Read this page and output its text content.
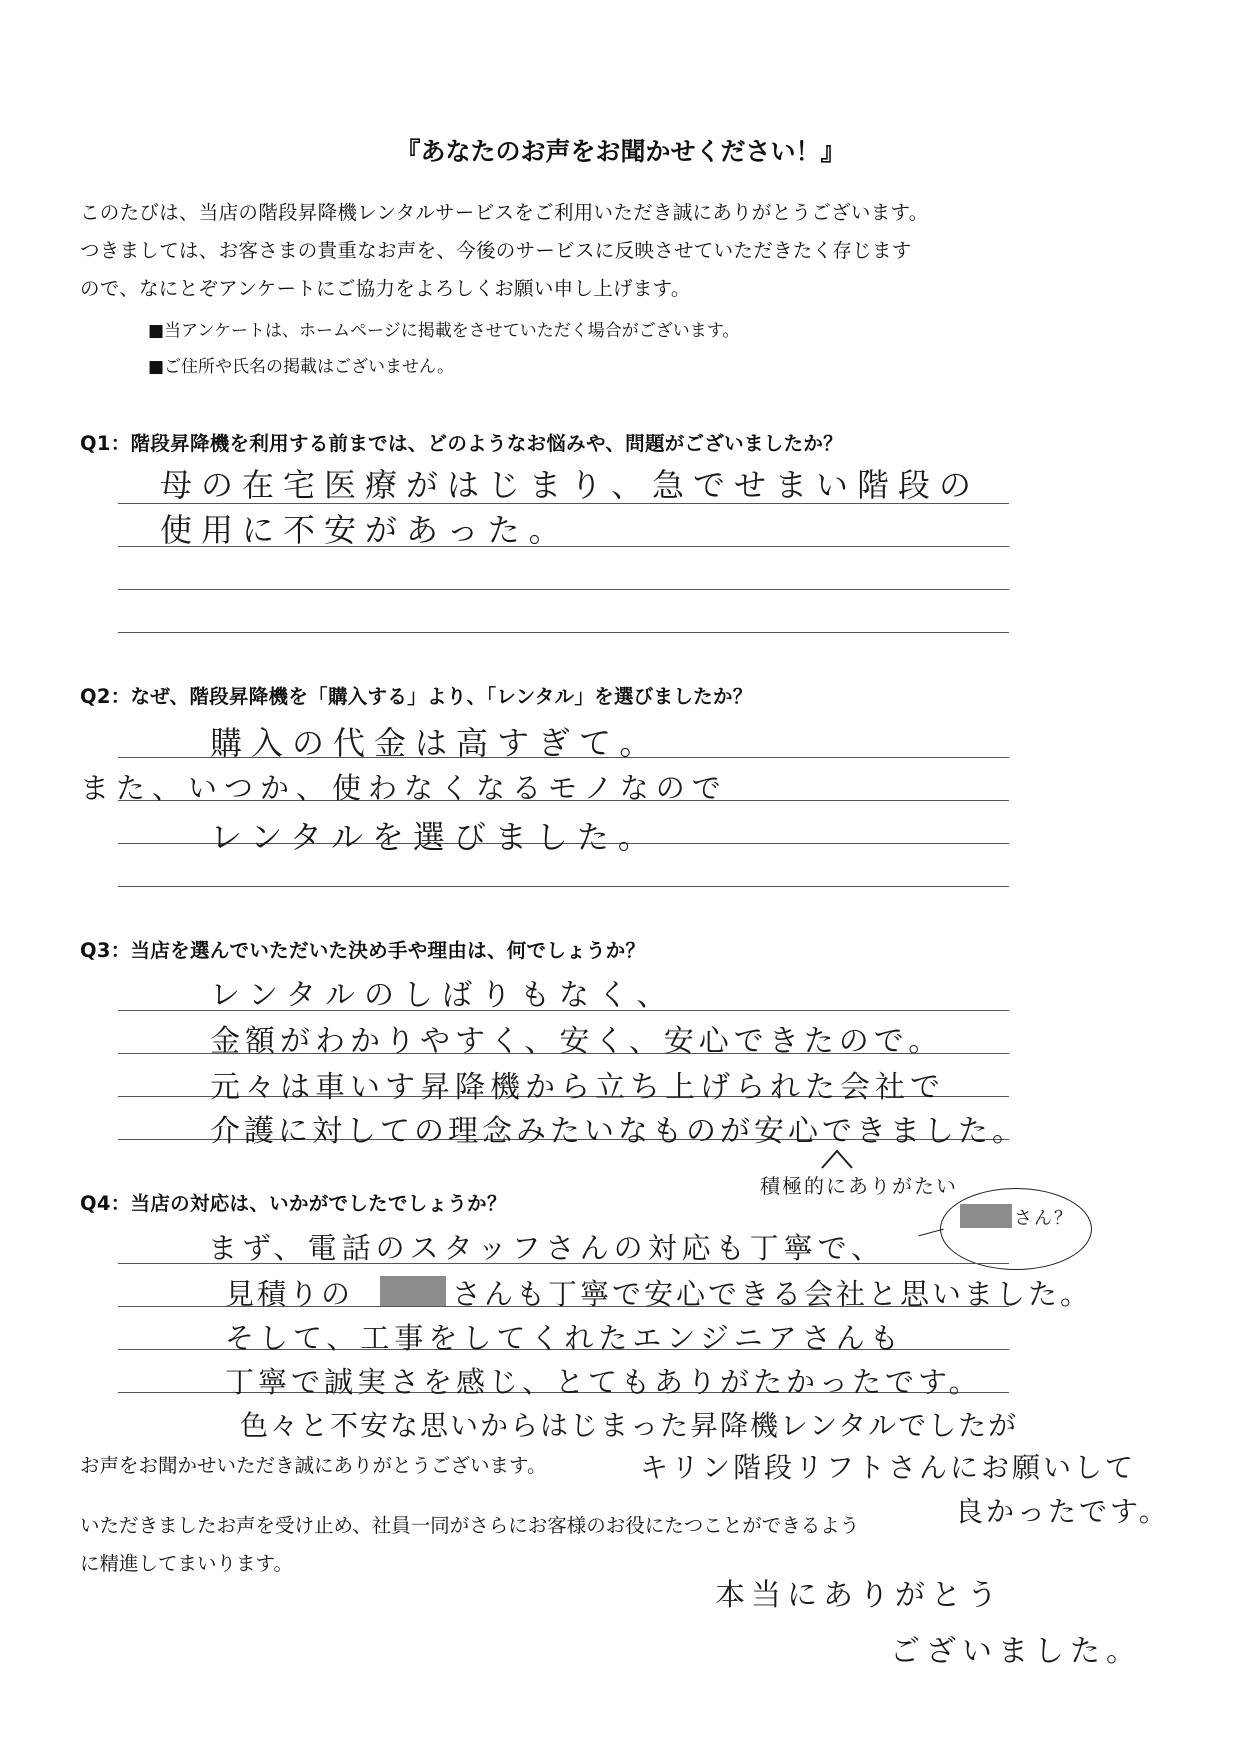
『あなたのお声をお聞かせください！』
このたびは、当店の階段昇降機レンタルサービスをご利用いただき誠にありがとうございます。
つきましては、お客さまの貴重なお声を、今後のサービスに反映させていただきたく存じます
ので、なにとぞアンケートにご協力をよろしくお願い申し上げます。
■当アンケートは、ホームページに掲載をさせていただく場合がございます。
■ご住所や氏名の掲載はございません。
Q1：階段昇降機を利用する前までは、どのようなお悩みや、問題がございましたか？
母の在宅医療がはじまり、急でせまい階段の
使用に不安があった。
Q2：なぜ、階段昇降機を「購入する」より、「レンタル」を選びましたか？
購入の代金は高すぎて。
また、いつか、使わなくなるモノなので
レンタルを選びました。
Q3：当店を選んでいただいた決め手や理由は、何でしょうか？
レンタルのしばりもなく、
金額がわかりやすく、安く、安心できたので。
元々は車いす昇降機から立ち上げられた会社で
介護に対しての理念みたいなものが安心できました。
Q4：当店の対応は、いかがでしたでしょうか？
積極的にありがたい
さん？
まず、電話のスタッフさんの対応も丁寧で、
見積りの	さんも丁寧で安心できる会社と思いました。
そして、工事をしてくれたエンジニアさんも
丁寧で誠実さを感じ、とてもありがたかったです。
色々と不安な思いからはじまった昇降機レンタルでしたが
キリン階段リフトさんにお願いして
良かったです。
お声をお聞かせいただき誠にありがとうございます。
いただきましたお声を受け止め、社員一同がさらにお客様のお役にたつことができるよう
に精進してまいります。
本当にありがとう
ございました。
